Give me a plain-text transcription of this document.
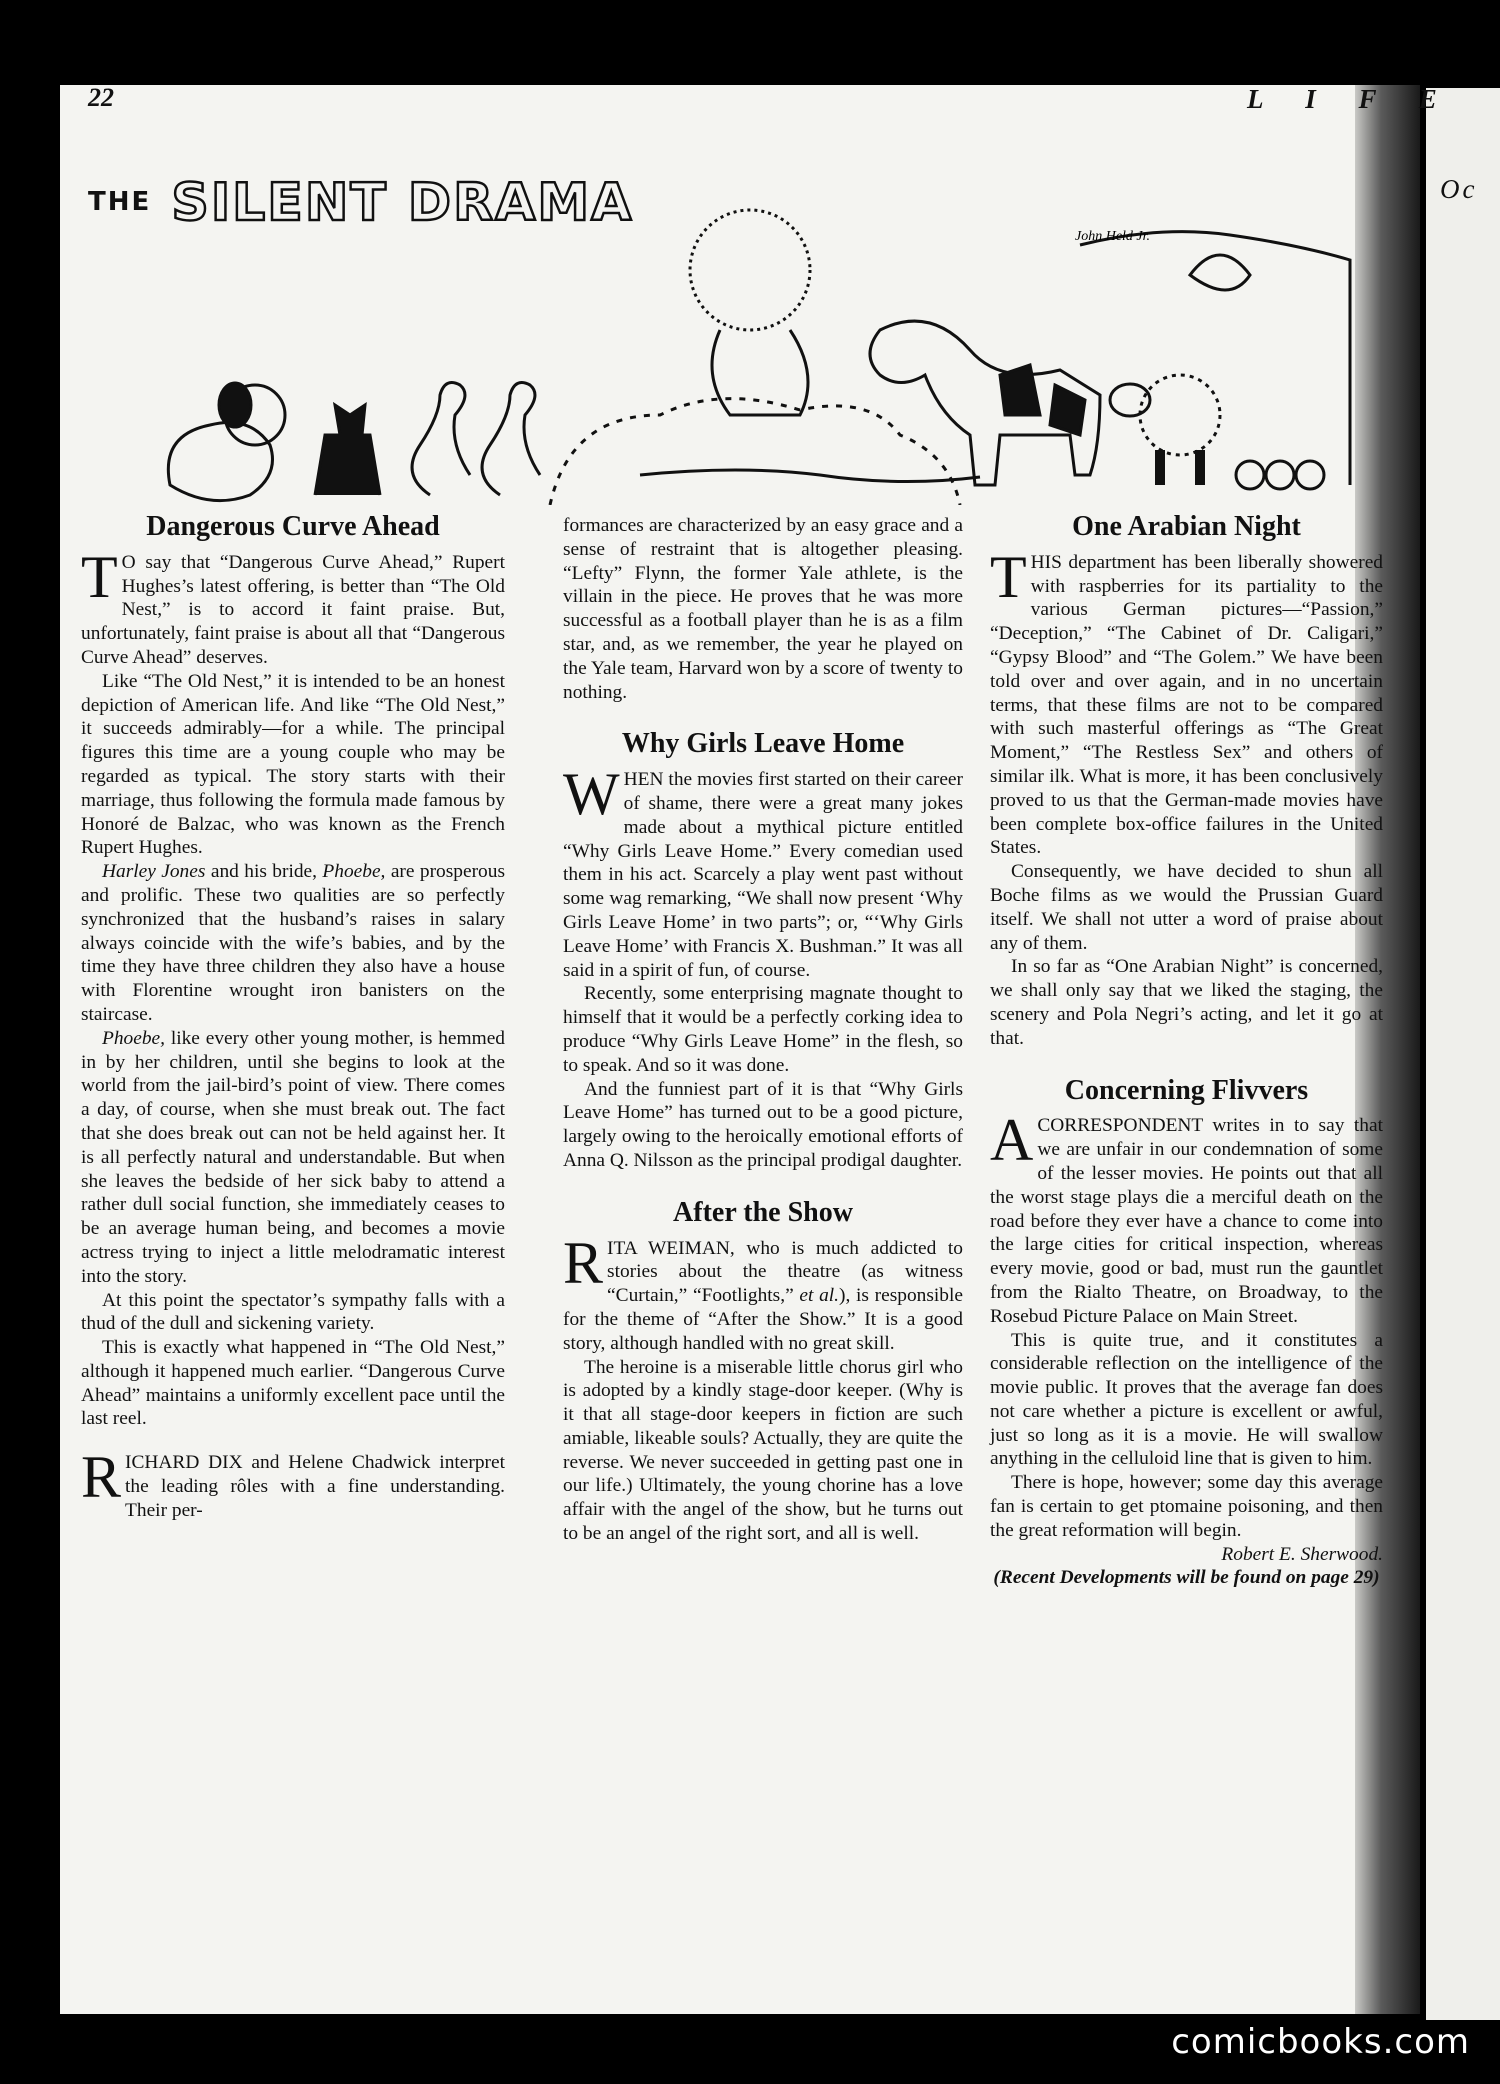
Oc
22	L I F E
THE SILENT DRAMA
John Held Jr.
Dangerous Curve Ahead

T O say that “Dangerous Curve Ahead,” Rupert Hughes’s latest offering, is better than “The Old Nest,” is to accord it faint praise. But, unfortunately, faint praise is about all that “Dangerous Curve Ahead” deserves.

Like “The Old Nest,” it is intended to be an honest depiction of American life. And like “The Old Nest,” it succeeds admirably—for a while. The principal figures this time are a young couple who may be regarded as typical. The story starts with their marriage, thus following the formula made famous by Honoré de Balzac, who was known as the French Rupert Hughes.

Harley Jones and his bride, Phoebe, are prosperous and prolific. These two qualities are so perfectly synchronized that the husband’s raises in salary always coincide with the wife’s babies, and by the time they have three children they also have a house with Florentine wrought iron banisters on the staircase.

Phoebe, like every other young mother, is hemmed in by her children, until she begins to look at the world from the jail-bird’s point of view. There comes a day, of course, when she must break out. The fact that she does break out can not be held against her. It is all perfectly natural and understandable. But when she leaves the bedside of her sick baby to attend a rather dull social function, she immediately ceases to be an average human being, and becomes a movie actress trying to inject a little melodramatic interest into the story.

At this point the spectator’s sympathy falls with a thud of the dull and sickening variety.

This is exactly what happened in “The Old Nest,” although it happened much earlier. “Dangerous Curve Ahead” maintains a uniformly excellent pace until the last reel.

RICHARD DIX and Helene Chadwick interpret the leading rôles with a fine understanding. Their per-

formances are characterized by an easy grace and a sense of restraint that is altogether pleasing. “Lefty” Flynn, the former Yale athlete, is the villain in the piece. He proves that he was more successful as a football player than he is as a film star, and, as we remember, the year he played on the Yale team, Harvard won by a score of twenty to nothing.

Why Girls Leave Home

WHEN the movies first started on their career of shame, there were a great many jokes made about a mythical picture entitled “Why Girls Leave Home.” Every comedian used them in his act. Scarcely a play went past without some wag remarking, “We shall now present ‘Why Girls Leave Home’ in two parts”; or, “‘Why Girls Leave Home’ with Francis X. Bushman.” It was all said in a spirit of fun, of course.

Recently, some enterprising magnate thought to himself that it would be a perfectly corking idea to produce “Why Girls Leave Home” in the flesh, so to speak. And so it was done.

And the funniest part of it is that “Why Girls Leave Home” has turned out to be a good picture, largely owing to the heroically emotional efforts of Anna Q. Nilsson as the principal prodigal daughter.

After the Show

RITA WEIMAN, who is much addicted to stories about the theatre (as witness “Curtain,” “Footlights,” et al.), is responsible for the theme of “After the Show.” It is a good story, although handled with no great skill.

The heroine is a miserable little chorus girl who is adopted by a kindly stage-door keeper. (Why is it that all stage-door keepers in fiction are such amiable, likeable souls? Actually, they are quite the reverse. We never succeeded in getting past one in our life.) Ultimately, the young chorine has a love affair with the angel of the show, but he turns out to be an angel of the right sort, and all is well.

One Arabian Night

THIS department has been liberally showered with raspberries for its partiality to the various German pictures—“Passion,” “Deception,” “The Cabinet of Dr. Caligari,” “Gypsy Blood” and “The Golem.” We have been told over and over again, and in no uncertain terms, that these films are not to be compared with such masterful offerings as “The Great Moment,” “The Restless Sex” and others of similar ilk. What is more, it has been conclusively proved to us that the German-made movies have been complete box-office failures in the United States.

Consequently, we have decided to shun all Boche films as we would the Prussian Guard itself. We shall not utter a word of praise about any of them.

In so far as “One Arabian Night” is concerned, we shall only say that we liked the staging, the scenery and Pola Negri’s acting, and let it go at that.

Concerning Flivvers

A CORRESPONDENT writes in to say that we are unfair in our condemnation of some of the lesser movies. He points out that all the worst stage plays die a merciful death on the road before they ever have a chance to come into the large cities for critical inspection, whereas every movie, good or bad, must run the gauntlet from the Rialto Theatre, on Broadway, to the Rosebud Picture Palace on Main Street.

This is quite true, and it constitutes a considerable reflection on the intelligence of the movie public. It proves that the average fan does not care whether a picture is excellent or awful, just so long as it is a movie. He will swallow anything in the celluloid line that is given to him.

There is hope, however; some day this average fan is certain to get ptomaine poisoning, and then the great reformation will begin.

Robert E. Sherwood.

(Recent Developments will be found on page 29)

comicbooks.com
